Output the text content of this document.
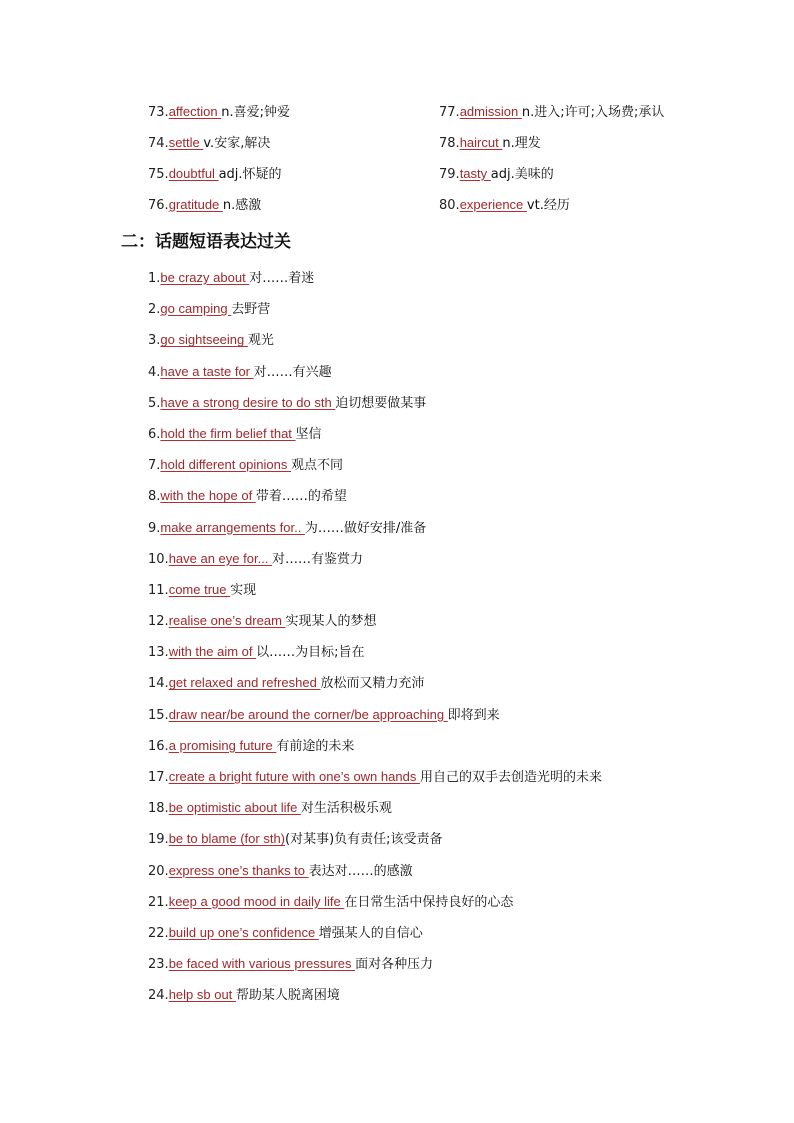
73.affection n.喜爱;钟爱	77.admission n.进入;许可;入场费;承认
74.settle v.安家,解决	78.haircut n.理发
75.doubtful adj.怀疑的	79.tasty adj.美味的
76.gratitude n.感激	80.experience vt.经历
二：话题短语表达过关
1.be crazy about 对……着迷
2.go camping 去野营
3.go sightseeing 观光
4.have a taste for 对……有兴趣
5.have a strong desire to do sth 迫切想要做某事
6.hold the firm belief that 坚信
7.hold different opinions 观点不同
8.with the hope of 带着……的希望
9.make arrangements for.. 为……做好安排/准备
10.have an eye for... 对……有鉴赏力
11.come true 实现
12.realise one’s dream 实现某人的梦想
13.with the aim of 以……为目标;旨在
14.get relaxed and refreshed 放松而又精力充沛
15.draw near/be around the corner/be approaching 即将到来
16.a promising future 有前途的未来
17.create a bright future with one’s own hands 用自己的双手去创造光明的未来
18.be optimistic about life 对生活积极乐观
19.be to blame (for sth)(对某事)负有责任;该受责备
20.express one’s thanks to 表达对……的感激
21.keep a good mood in daily life 在日常生活中保持良好的心态
22.build up one’s confidence 增强某人的自信心
23.be faced with various pressures 面对各种压力
24.help sb out 帮助某人脱离困境
